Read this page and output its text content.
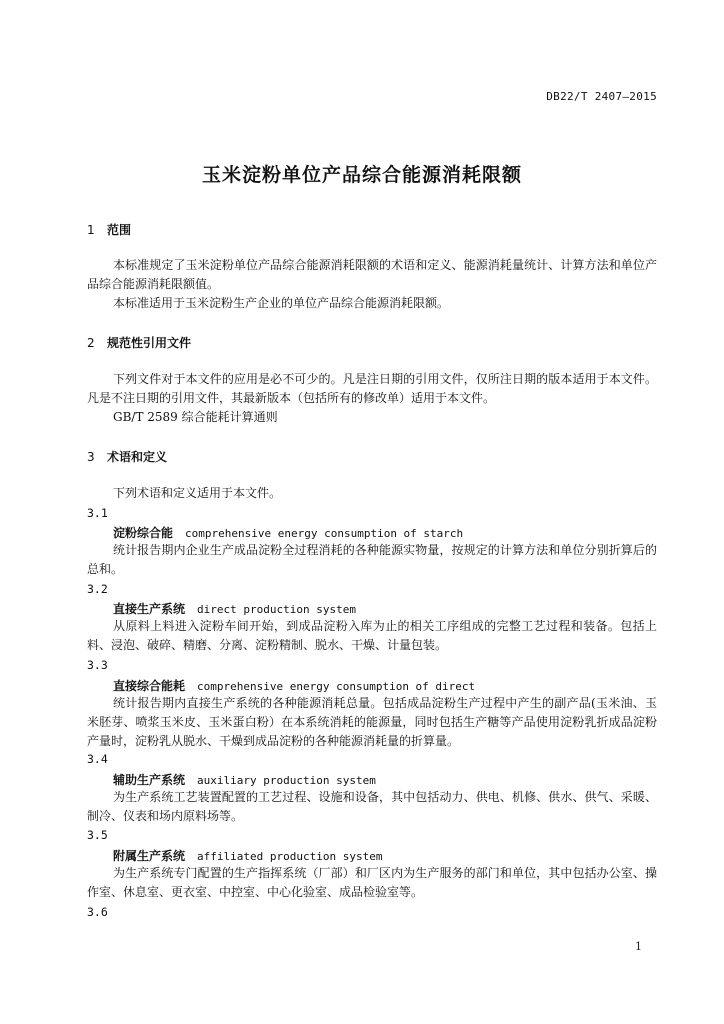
DB22/T 2407—2015
玉米淀粉单位产品综合能源消耗限额
1 范围
本标准规定了玉米淀粉单位产品综合能源消耗限额的术语和定义、能源消耗量统计、计算方法和单位产品综合能源消耗限额值。
本标准适用于玉米淀粉生产企业的单位产品综合能源消耗限额。
2 规范性引用文件
下列文件对于本文件的应用是必不可少的。凡是注日期的引用文件，仅所注日期的版本适用于本文件。凡是不注日期的引用文件，其最新版本（包括所有的修改单）适用于本文件。
GB/T 2589 综合能耗计算通则
3 术语和定义
下列术语和定义适用于本文件。
3.1
淀粉综合能 comprehensive energy consumption of starch
统计报告期内企业生产成品淀粉全过程消耗的各种能源实物量，按规定的计算方法和单位分别折算后的总和。
3.2
直接生产系统 direct production system
从原料上料进入淀粉车间开始，到成品淀粉入库为止的相关工序组成的完整工艺过程和装备。包括上料、浸泡、破碎、精磨、分离、淀粉精制、脱水、干燥、计量包装。
3.3
直接综合能耗 comprehensive energy consumption of direct
统计报告期内直接生产系统的各种能源消耗总量。包括成品淀粉生产过程中产生的副产品(玉米油、玉米胚芽、喷浆玉米皮、玉米蛋白粉）在本系统消耗的能源量，同时包括生产糖等产品使用淀粉乳折成品淀粉产量时，淀粉乳从脱水、干燥到成品淀粉的各种能源消耗量的折算量。
3.4
辅助生产系统 auxiliary production system
为生产系统工艺装置配置的工艺过程、设施和设备，其中包括动力、供电、机修、供水、供气、采暖、制冷、仪表和场内原料场等。
3.5
附属生产系统 affiliated production system
为生产系统专门配置的生产指挥系统（厂部）和厂区内为生产服务的部门和单位，其中包括办公室、操作室、休息室、更衣室、中控室、中心化验室、成品检验室等。
3.6
1
